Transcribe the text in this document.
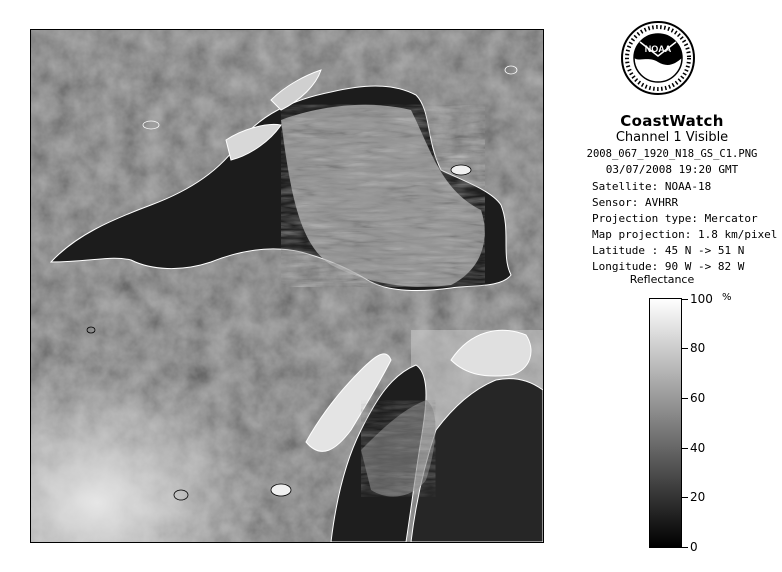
NOAA
CoastWatch
Channel 1 Visible
2008_067_1920_N18_GS_C1.PNG
03/07/2008 19:20 GMT
Satellite: NOAA-18
Sensor: AVHRR
Projection type: Mercator
Map projection: 1.8 km/pixel
Latitude : 45 N -> 51 N
Longitude: 90 W -> 82 W
Reflectance
%
100
80
60
40
20
0
